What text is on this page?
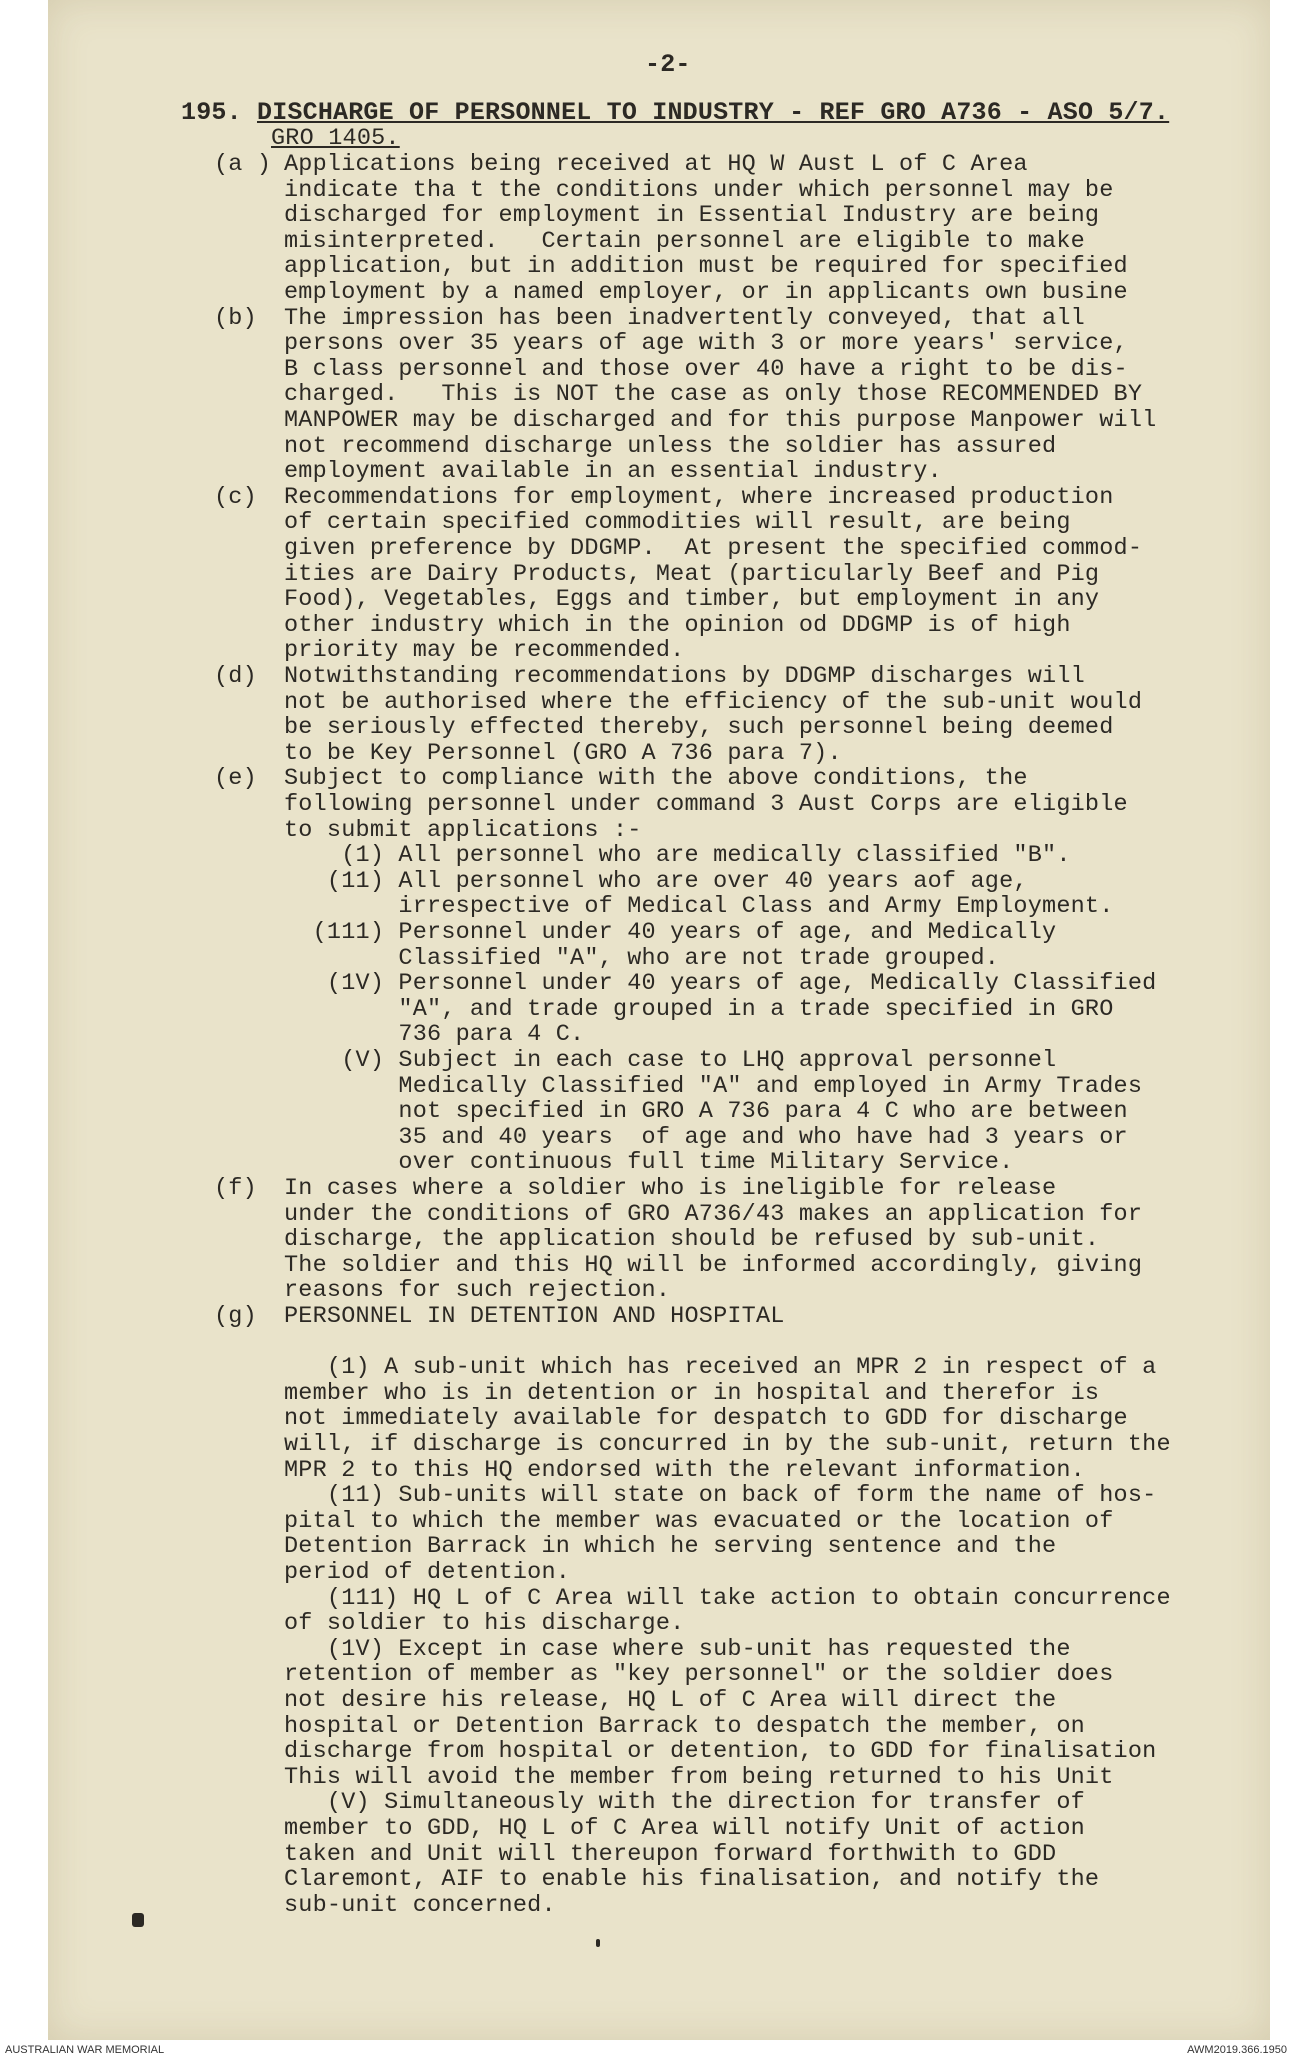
-2-
195. DISCHARGE OF PERSONNEL TO INDUSTRY - REF GRO A736 - ASO 5/7.
GRO 1405.
(a ) Applications being received at HQ W Aust L of C Area
indicate tha t the conditions under which personnel may be
discharged for employment in Essential Industry are being
misinterpreted.   Certain personnel are eligible to make
application, but in addition must be required for specified
employment by a named employer, or in applicants own busine
(b) The impression has been inadvertently conveyed, that all
persons over 35 years of age with 3 or more years' service,
B class personnel and those over 40 have a right to be dis-
charged.   This is NOT the case as only those RECOMMENDED BY
MANPOWER may be discharged and for this purpose Manpower will
not recommend discharge unless the soldier has assured
employment available in an essential industry.
(c) Recommendations for employment, where increased production
of certain specified commodities will result, are being
given preference by DDGMP.  At present the specified commod-
ities are Dairy Products, Meat (particularly Beef and Pig
Food), Vegetables, Eggs and timber, but employment in any
other industry which in the opinion od DDGMP is of high
priority may be recommended.
(d) Notwithstanding recommendations by DDGMP discharges will
not be authorised where the efficiency of the sub-unit would
be seriously effected thereby, such personnel being deemed
to be Key Personnel (GRO A 736 para 7).
(e) Subject to compliance with the above conditions, the
following personnel under command 3 Aust Corps are eligible
to submit applications :-
(1) All personnel who are medically classified "B".
(11) All personnel who are over 40 years aof age,
irrespective of Medical Class and Army Employment.
(111) Personnel under 40 years of age, and Medically
Classified "A", who are not trade grouped.
(1V) Personnel under 40 years of age, Medically Classified
"A", and trade grouped in a trade specified in GRO
736 para 4 C.
(V) Subject in each case to LHQ approval personnel
Medically Classified "A" and employed in Army Trades
not specified in GRO A 736 para 4 C who are between
35 and 40 years  of age and who have had 3 years or
over continuous full time Military Service.
(f) In cases where a soldier who is ineligible for release
under the conditions of GRO A736/43 makes an application for
discharge, the application should be refused by sub-unit.
The soldier and this HQ will be informed accordingly, giving
reasons for such rejection.
(g) PERSONNEL IN DETENTION AND HOSPITAL
(1) A sub-unit which has received an MPR 2 in respect of a
member who is in detention or in hospital and therefor is
not immediately available for despatch to GDD for discharge
will, if discharge is concurred in by the sub-unit, return the
MPR 2 to this HQ endorsed with the relevant information.
(11) Sub-units will state on back of form the name of hos-
pital to which the member was evacuated or the location of
Detention Barrack in which he serving sentence and the
period of detention.
(111) HQ L of C Area will take action to obtain concurrence
of soldier to his discharge.
(1V) Except in case where sub-unit has requested the
retention of member as "key personnel" or the soldier does
not desire his release, HQ L of C Area will direct the
hospital or Detention Barrack to despatch the member, on
discharge from hospital or detention, to GDD for finalisation
This will avoid the member from being returned to his Unit
(V) Simultaneously with the direction for transfer of
member to GDD, HQ L of C Area will notify Unit of action
taken and Unit will thereupon forward forthwith to GDD
Claremont, AIF to enable his finalisation, and notify the
sub-unit concerned.
AUSTRALIAN WAR MEMORIAL	AWM2019.366.1950
